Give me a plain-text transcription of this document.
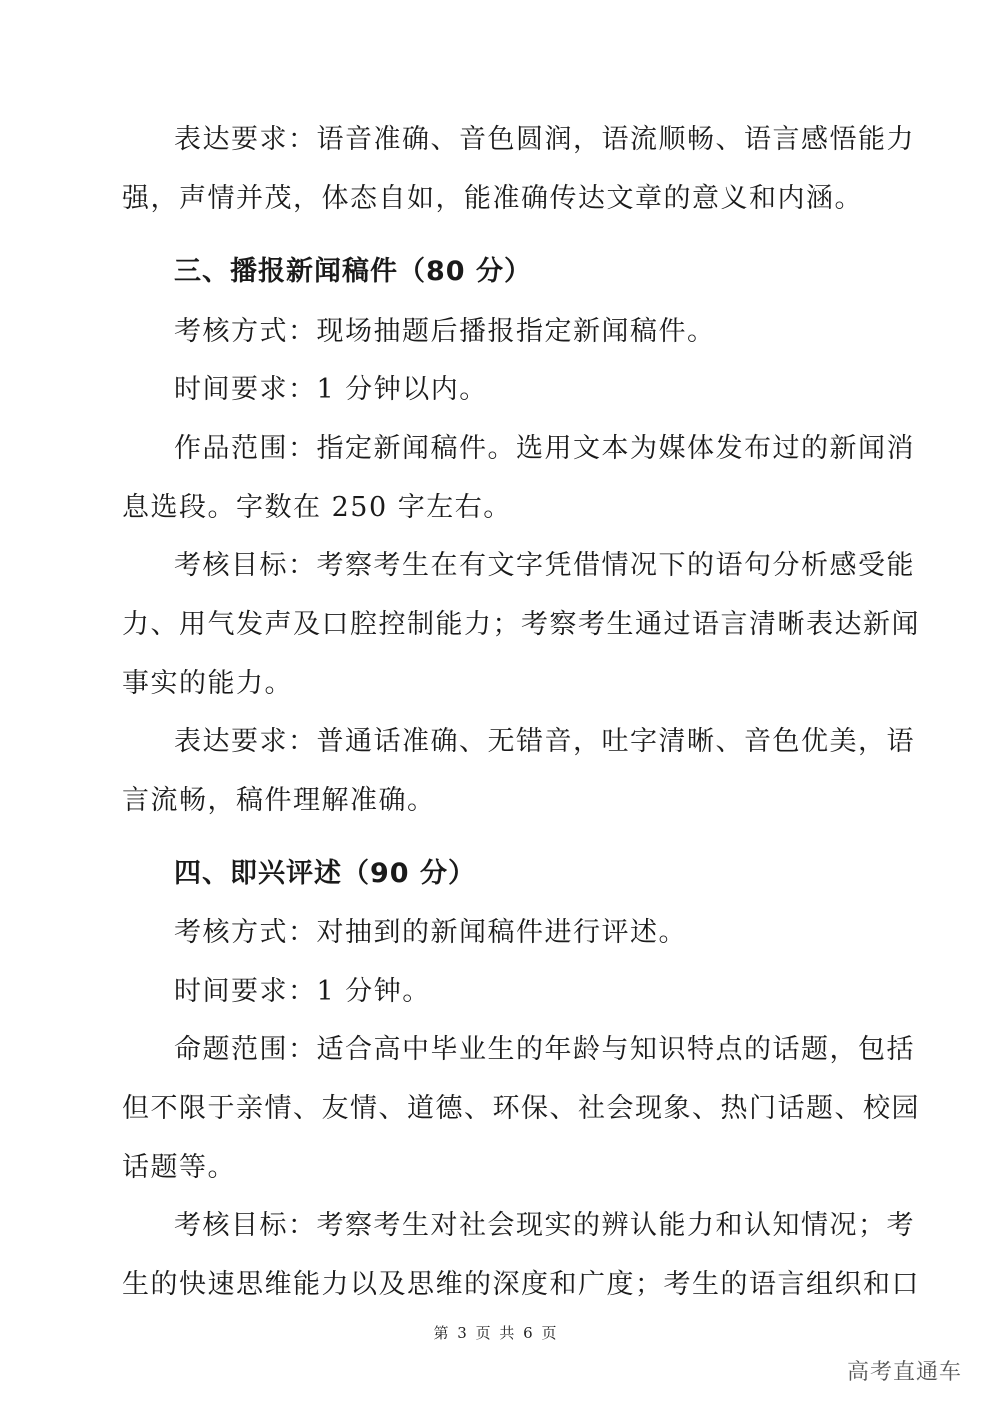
表达要求：语音准确、音色圆润，语流顺畅、语言感悟能力
强，声情并茂，体态自如，能准确传达文章的意义和内涵。
三、播报新闻稿件（80 分）
考核方式：现场抽题后播报指定新闻稿件。
时间要求：1 分钟以内。
作品范围：指定新闻稿件。选用文本为媒体发布过的新闻消
息选段。字数在 250 字左右。
考核目标：考察考生在有文字凭借情况下的语句分析感受能
力、用气发声及口腔控制能力；考察考生通过语言清晰表达新闻
事实的能力。
表达要求：普通话准确、无错音，吐字清晰、音色优美，语
言流畅，稿件理解准确。
四、即兴评述（90 分）
考核方式：对抽到的新闻稿件进行评述。
时间要求：1 分钟。
命题范围：适合高中毕业生的年龄与知识特点的话题，包括
但不限于亲情、友情、道德、环保、社会现象、热门话题、校园
话题等。
考核目标：考察考生对社会现实的辨认能力和认知情况；考
生的快速思维能力以及思维的深度和广度；考生的语言组织和口
第 3 页 共 6 页
高考直通车
